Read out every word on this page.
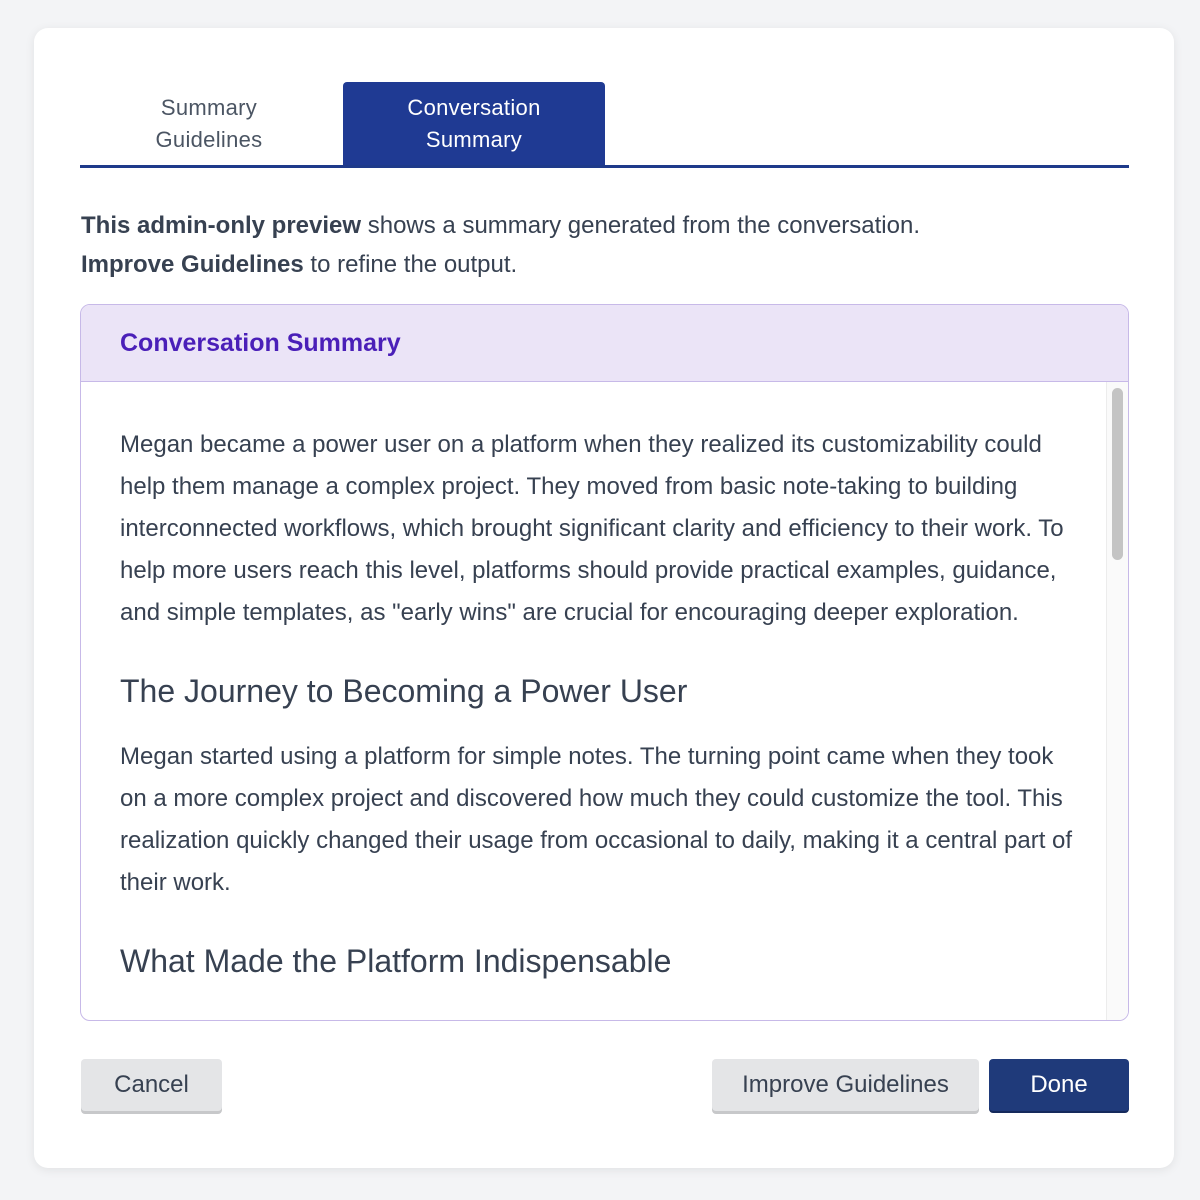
Summary
Guidelines
Conversation
Summary

This admin-only preview shows a summary generated from the conversation.
Improve Guidelines to refine the output.

Conversation Summary

Megan became a power user on a platform when they realized its customizability could help them manage a complex project. They moved from basic note-taking to building interconnected workflows, which brought significant clarity and efficiency to their work. To help more users reach this level, platforms should provide practical examples, guidance, and simple templates, as "early wins" are crucial for encouraging deeper exploration.

The Journey to Becoming a Power User

Megan started using a platform for simple notes. The turning point came when they took on a more complex project and discovered how much they could customize the tool. This realization quickly changed their usage from occasional to daily, making it a central part of their work.

What Made the Platform Indispensable
Cancel	Improve Guidelines	Done
